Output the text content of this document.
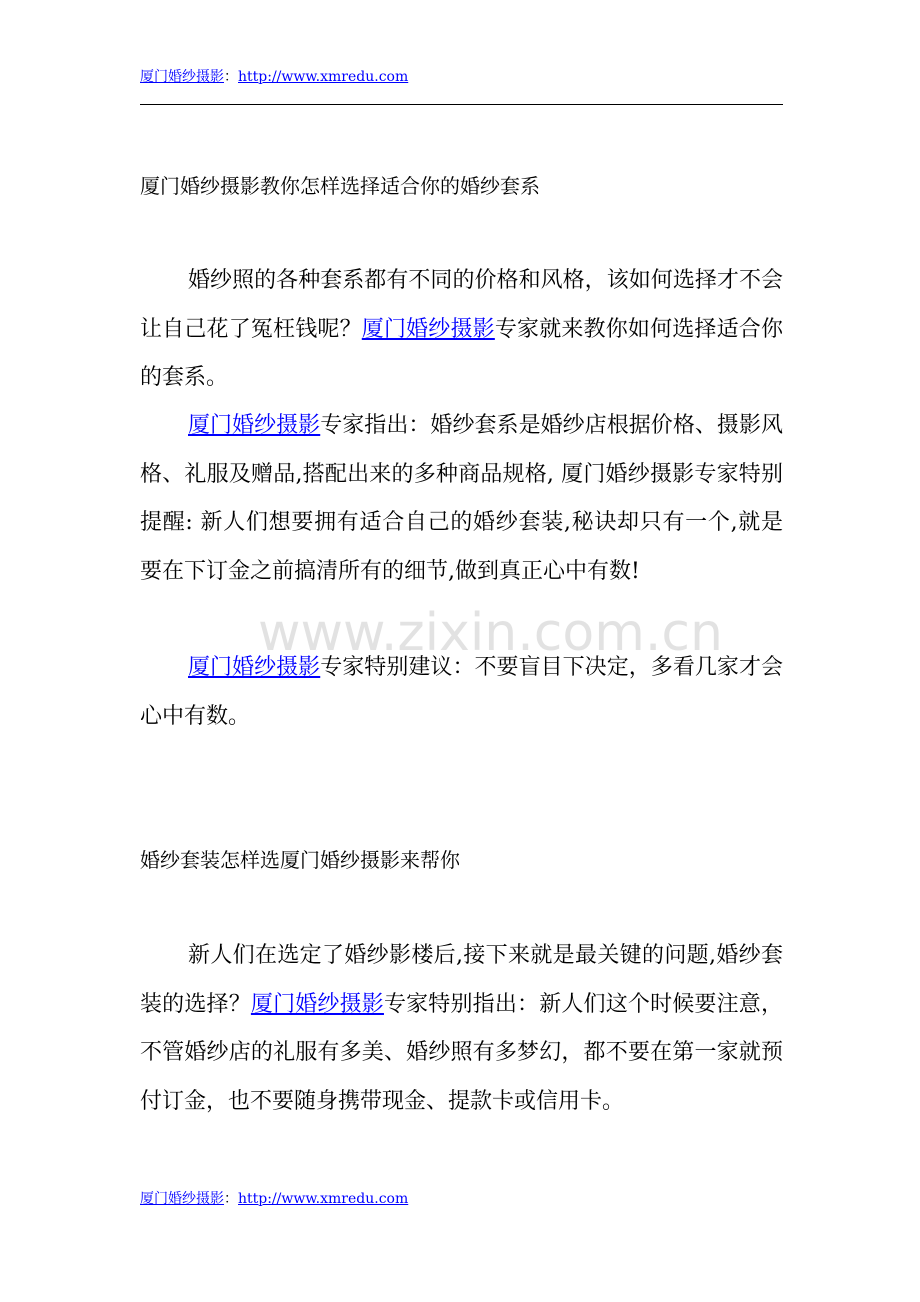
厦门婚纱摄影：http://www.xmredu.com
厦门婚纱摄影教你怎样选择适合你的婚纱套系

婚纱照的各种套系都有不同的价格和风格，该如何选择才不会让自己花了冤枉钱呢？厦门婚纱摄影专家就来教你如何选择适合你的套系。

厦门婚纱摄影专家指出：婚纱套系是婚纱店根据价格、摄影风格、礼服及赠品,搭配出来的多种商品规格, 厦门婚纱摄影专家特别提醒: 新人们想要拥有适合自己的婚纱套装,秘诀却只有一个,就是要在下订金之前搞清所有的细节,做到真正心中有数!

厦门婚纱摄影专家特别建议：不要盲目下决定，多看几家才会心中有数。

www.zixin.com.cn
婚纱套装怎样选厦门婚纱摄影来帮你

新人们在选定了婚纱影楼后,接下来就是最关键的问题,婚纱套装的选择？厦门婚纱摄影专家特别指出：新人们这个时候要注意，不管婚纱店的礼服有多美、婚纱照有多梦幻，都不要在第一家就预付订金，也不要随身携带现金、提款卡或信用卡。

厦门婚纱摄影：http://www.xmredu.com
